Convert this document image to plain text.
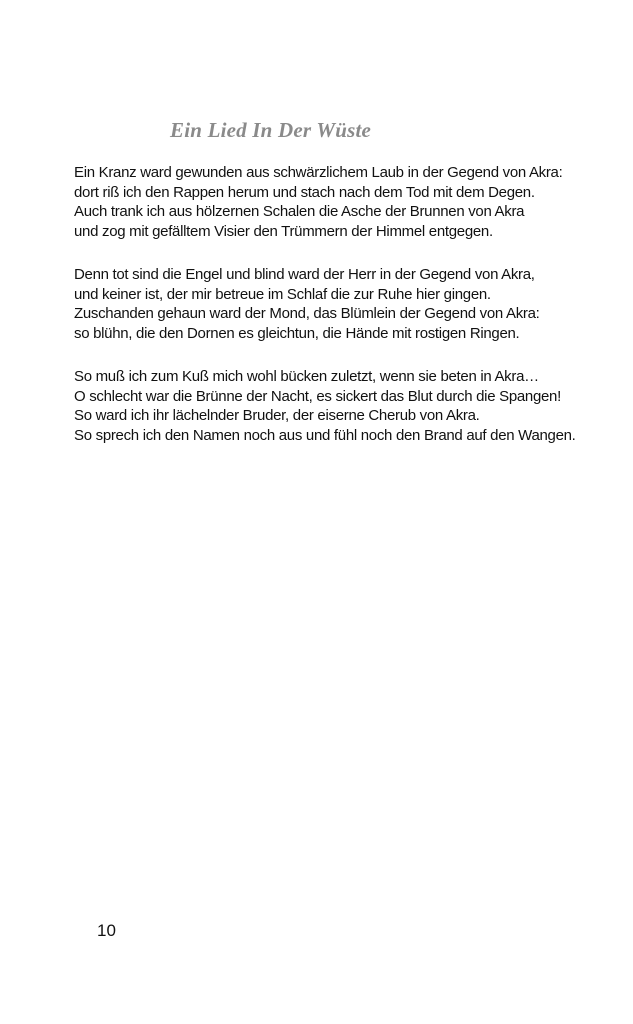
Ein Lied In Der Wüste
Ein Kranz ward gewunden aus schwärzlichem Laub in der Gegend von Akra:
dort riß ich den Rappen herum und stach nach dem Tod mit dem Degen.
Auch trank ich aus hölzernen Schalen die Asche der Brunnen von Akra
und zog mit gefälltem Visier den Trümmern der Himmel entgegen.
Denn tot sind die Engel und blind ward der Herr in der Gegend von Akra,
und keiner ist, der mir betreue im Schlaf die zur Ruhe hier gingen.
Zuschanden gehaun ward der Mond, das Blümlein der Gegend von Akra:
so blühn, die den Dornen es gleichtun, die Hände mit rostigen Ringen.
So muß ich zum Kuß mich wohl bücken zuletzt, wenn sie beten in Akra…
O schlecht war die Brünne der Nacht, es sickert das Blut durch die Spangen!
So ward ich ihr lächelnder Bruder, der eiserne Cherub von Akra.
So sprech ich den Namen noch aus und fühl noch den Brand auf den Wangen.
10
